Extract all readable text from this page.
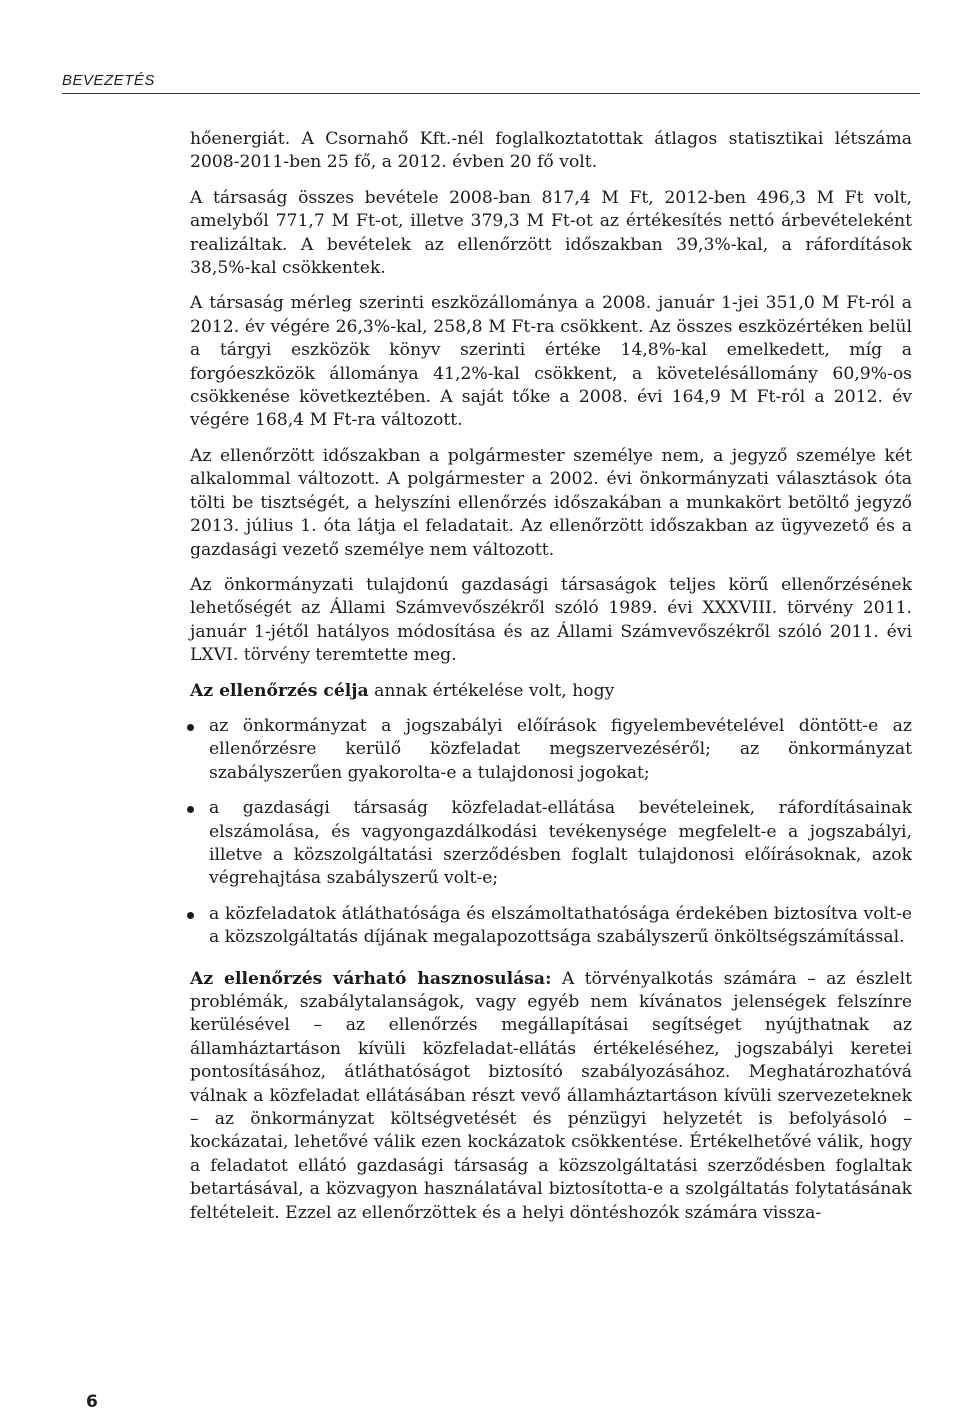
BEVEZETÉS

hőenergiát. A Csornahő Kft.-nél foglalkoztatottak átlagos statisztikai létszáma 2008-2011-ben 25 fő, a 2012. évben 20 fő volt.

A társaság összes bevétele 2008-ban 817,4 M Ft, 2012-ben 496,3 M Ft volt, amelyből 771,7 M Ft-ot, illetve 379,3 M Ft-ot az értékesítés nettó árbevételeként realizáltak. A bevételek az ellenőrzött időszakban 39,3%-kal, a ráfordítások 38,5%-kal csökkentek.

A társaság mérleg szerinti eszközállománya a 2008. január 1-jei 351,0 M Ft-ról a 2012. év végére 26,3%-kal, 258,8 M Ft-ra csökkent. Az összes eszközértéken belül a tárgyi eszközök könyv szerinti értéke 14,8%-kal emelkedett, míg a forgóeszközök állománya 41,2%-kal csökkent, a követelésállomány 60,9%-os csökkenése következtében. A saját tőke a 2008. évi 164,9 M Ft-ról a 2012. év végére 168,4 M Ft-ra változott.

Az ellenőrzött időszakban a polgármester személye nem, a jegyző személye két alkalommal változott. A polgármester a 2002. évi önkormányzati választások óta tölti be tisztségét, a helyszíni ellenőrzés időszakában a munkakört betöltő jegyző 2013. július 1. óta látja el feladatait. Az ellenőrzött időszakban az ügyvezető és a gazdasági vezető személye nem változott.

Az önkormányzati tulajdonú gazdasági társaságok teljes körű ellenőrzésének lehetőségét az Állami Számvevőszékről szóló 1989. évi XXXVIII. törvény 2011. január 1-jétől hatályos módosítása és az Állami Számvevőszékről szóló 2011. évi LXVI. törvény teremtette meg.

Az ellenőrzés célja annak értékelése volt, hogy

az önkormányzat a jogszabályi előírások figyelembevételével döntött-e az ellenőrzésre kerülő közfeladat megszervezéséről; az önkormányzat szabályszerűen gyakorolta-e a tulajdonosi jogokat;
a gazdasági társaság közfeladat-ellátása bevételeinek, ráfordításainak elszámolása, és vagyongazdálkodási tevékenysége megfelelt-e a jogszabályi, illetve a közszolgáltatási szerződésben foglalt tulajdonosi előírásoknak, azok végrehajtása szabályszerű volt-e;
a közfeladatok átláthatósága és elszámoltathatósága érdekében biztosítva volt-e a közszolgáltatás díjának megalapozottsága szabályszerű önköltségszámítással.

Az ellenőrzés várható hasznosulása: A törvényalkotás számára – az észlelt problémák, szabálytalanságok, vagy egyéb nem kívánatos jelenségek felszínre kerülésével – az ellenőrzés megállapításai segítséget nyújthatnak az államháztartáson kívüli közfeladat-ellátás értékeléséhez, jogszabályi keretei pontosításához, átláthatóságot biztosító szabályozásához. Meghatározhatóvá válnak a közfeladat ellátásában részt vevő államháztartáson kívüli szervezeteknek – az önkormányzat költségvetését és pénzügyi helyzetét is befolyásoló – kockázatai, lehetővé válik ezen kockázatok csökkentése. Értékelhetővé válik, hogy a feladatot ellátó gazdasági társaság a közszolgáltatási szerződésben foglaltak betartásával, a közvagyon használatával biztosította-e a szolgáltatás folytatásának feltételeit. Ezzel az ellenőrzöttek és a helyi döntéshozók számára vissza-

6
